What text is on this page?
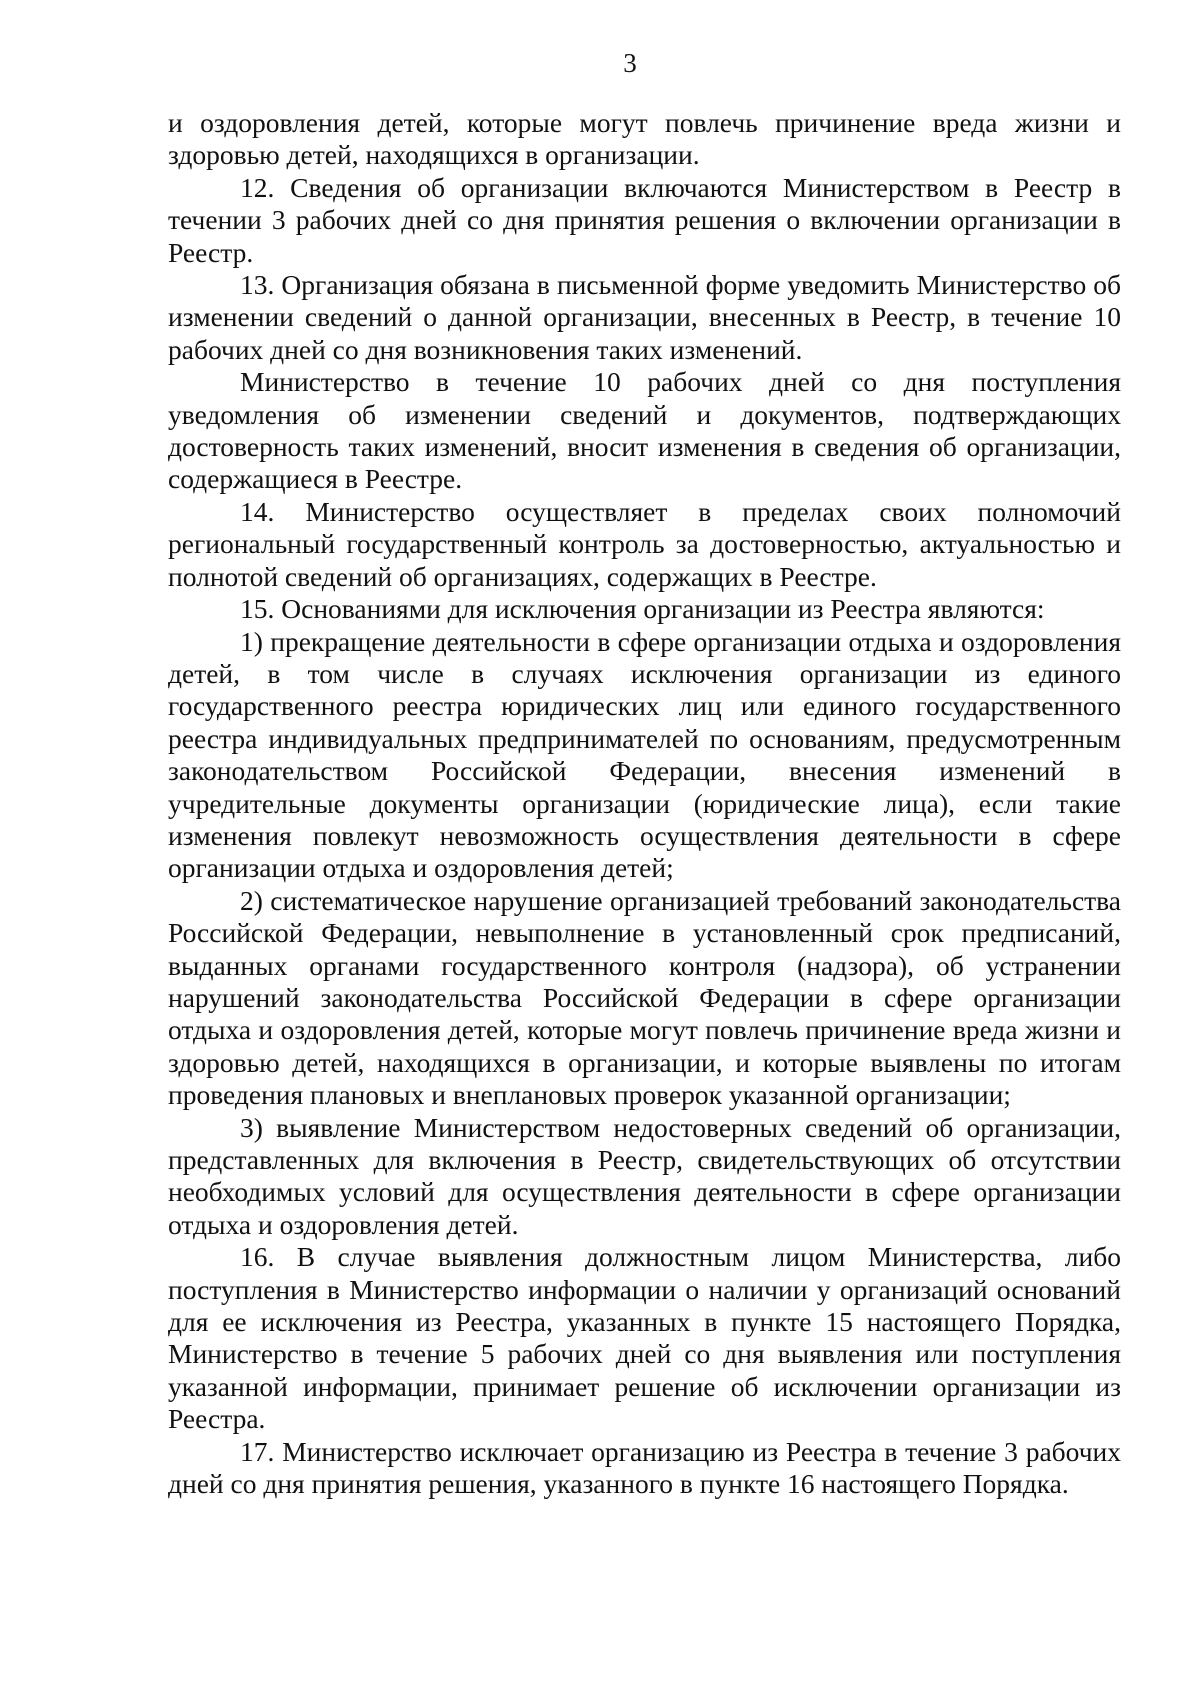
3

и оздоровления детей, которые могут повлечь причинение вреда жизни и здоровью детей, находящихся в организации.

12. Сведения об организации включаются Министерством в Реестр в течении 3 рабочих дней со дня принятия решения о включении организации в Реестр.

13. Организация обязана в письменной форме уведомить Министерство об изменении сведений о данной организации, внесенных в Реестр, в течение 10 рабочих дней со дня возникновения таких изменений.

Министерство в течение 10 рабочих дней со дня поступления уведомления об изменении сведений и документов, подтверждающих достоверность таких изменений, вносит изменения в сведения об организации, содержащиеся в Реестре.

14. Министерство осуществляет в пределах своих полномочий региональный государственный контроль за достоверностью, актуальностью и полнотой сведений об организациях, содержащих в Реестре.

15. Основаниями для исключения организации из Реестра являются:

1) прекращение деятельности в сфере организации отдыха и оздоровления детей, в том числе в случаях исключения организации из единого государственного реестра юридических лиц или единого государственного реестра индивидуальных предпринимателей по основаниям, предусмотренным законодательством Российской Федерации, внесения изменений в учредительные документы организации (юридические лица), если такие изменения повлекут невозможность осуществления деятельности в сфере организации отдыха и оздоровления детей;

2) систематическое нарушение организацией требований законодательства Российской Федерации, невыполнение в установленный срок предписаний, выданных органами государственного контроля (надзора), об устранении нарушений законодательства Российской Федерации в сфере организации отдыха и оздоровления детей, которые могут повлечь причинение вреда жизни и здоровью детей, находящихся в организации, и которые выявлены по итогам проведения плановых и внеплановых проверок указанной организации;

3) выявление Министерством недостоверных сведений об организации, представленных для включения в Реестр, свидетельствующих об отсутствии необходимых условий для осуществления деятельности в сфере организации отдыха и оздоровления детей.

16. В случае выявления должностным лицом Министерства, либо поступления в Министерство информации о наличии у организаций оснований для ее исключения из Реестра, указанных в пункте 15 настоящего Порядка, Министерство в течение 5 рабочих дней со дня выявления или поступления указанной информации, принимает решение об исключении организации из Реестра.

17. Министерство исключает организацию из Реестра в течение 3 рабочих дней со дня принятия решения, указанного в пункте 16 настоящего Порядка.
